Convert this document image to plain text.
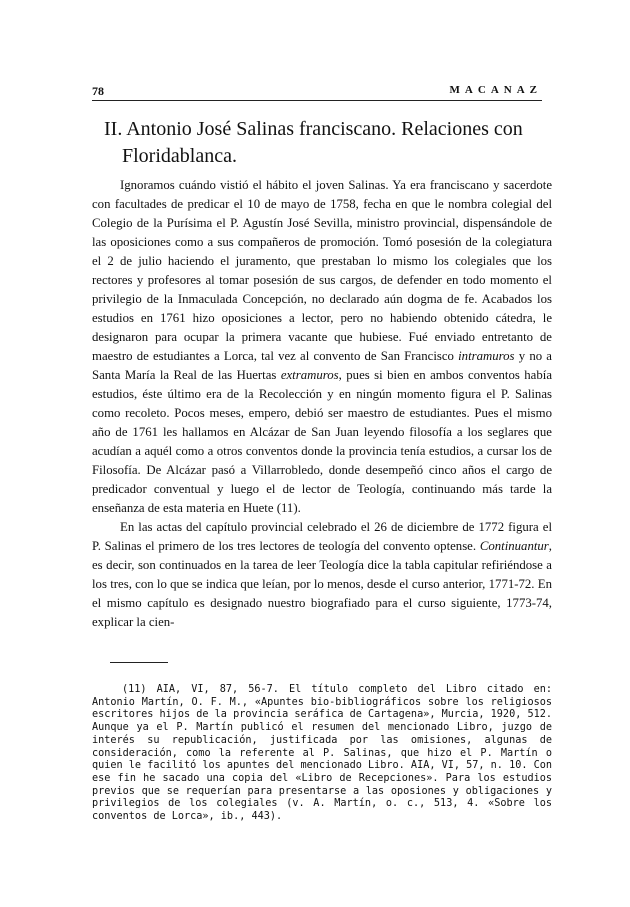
78	MACANAZ
II. Antonio José Salinas franciscano. Relaciones con
Floridablanca.

Ignoramos cuándo vistió el hábito el joven Salinas. Ya era franciscano y sacerdote con facultades de predicar el 10 de mayo de 1758, fecha en que le nombra colegial del Colegio de la Purísima el P. Agustín José Sevilla, ministro provincial, dispensándole de las oposiciones como a sus compañeros de promoción. Tomó posesión de la colegiatura el 2 de julio haciendo el juramento, que prestaban lo mismo los colegiales que los rectores y profesores al tomar posesión de sus cargos, de defender en todo momento el privilegio de la Inmaculada Concepción, no declarado aún dogma de fe. Acabados los estudios en 1761 hizo oposiciones a lector, pero no habiendo obtenido cátedra, le designaron para ocupar la primera vacante que hubiese. Fué enviado entretanto de maestro de estudiantes a Lorca, tal vez al convento de San Francisco intramuros y no a Santa María la Real de las Huertas extramuros, pues si bien en ambos conventos había estudios, éste último era de la Recolección y en ningún momento figura el P. Salinas como recoleto. Pocos meses, empero, debió ser maestro de estudiantes. Pues el mismo año de 1761 les hallamos en Alcázar de San Juan leyendo filosofía a los seglares que acudían a aquél como a otros conventos donde la provincia tenía estudios, a cursar los de Filosofía. De Alcázar pasó a Villarrobledo, donde desempeñó cinco años el cargo de predicador conventual y luego el de lector de Teología, continuando más tarde la enseñanza de esta materia en Huete (11).

En las actas del capítulo provincial celebrado el 26 de diciembre de 1772 figura el P. Salinas el primero de los tres lectores de teología del convento optense. Continuantur, es decir, son continuados en la tarea de leer Teología dice la tabla capitular refiriéndose a los tres, con lo que se indica que leían, por lo menos, desde el curso anterior, 1771-72. En el mismo capítulo es designado nuestro biografiado para el curso siguiente, 1773-74, explicar la cien-

(11) AIA, VI, 87, 56-7. El título completo del Libro citado en: Antonio Martín, O. F. M., «Apuntes bio-bibliográficos sobre los religiosos escritores hijos de la provincia seráfica de Cartagena», Murcia, 1920, 512. Aunque ya el P. Martín publicó el resumen del mencionado Libro, juzgo de interés su republicación, justificada por las omisiones, algunas de consideración, como la referente al P. Salinas, que hizo el P. Martín o quien le facilitó los apuntes del mencionado Libro. AIA, VI, 57, n. 10. Con ese fin he sacado una copia del «Libro de Recepciones». Para los estudios previos que se requerían para presentarse a las oposiones y obligaciones y privilegios de los colegiales (v. A. Martín, o. c., 513, 4. «Sobre los conventos de Lorca», ib., 443).
